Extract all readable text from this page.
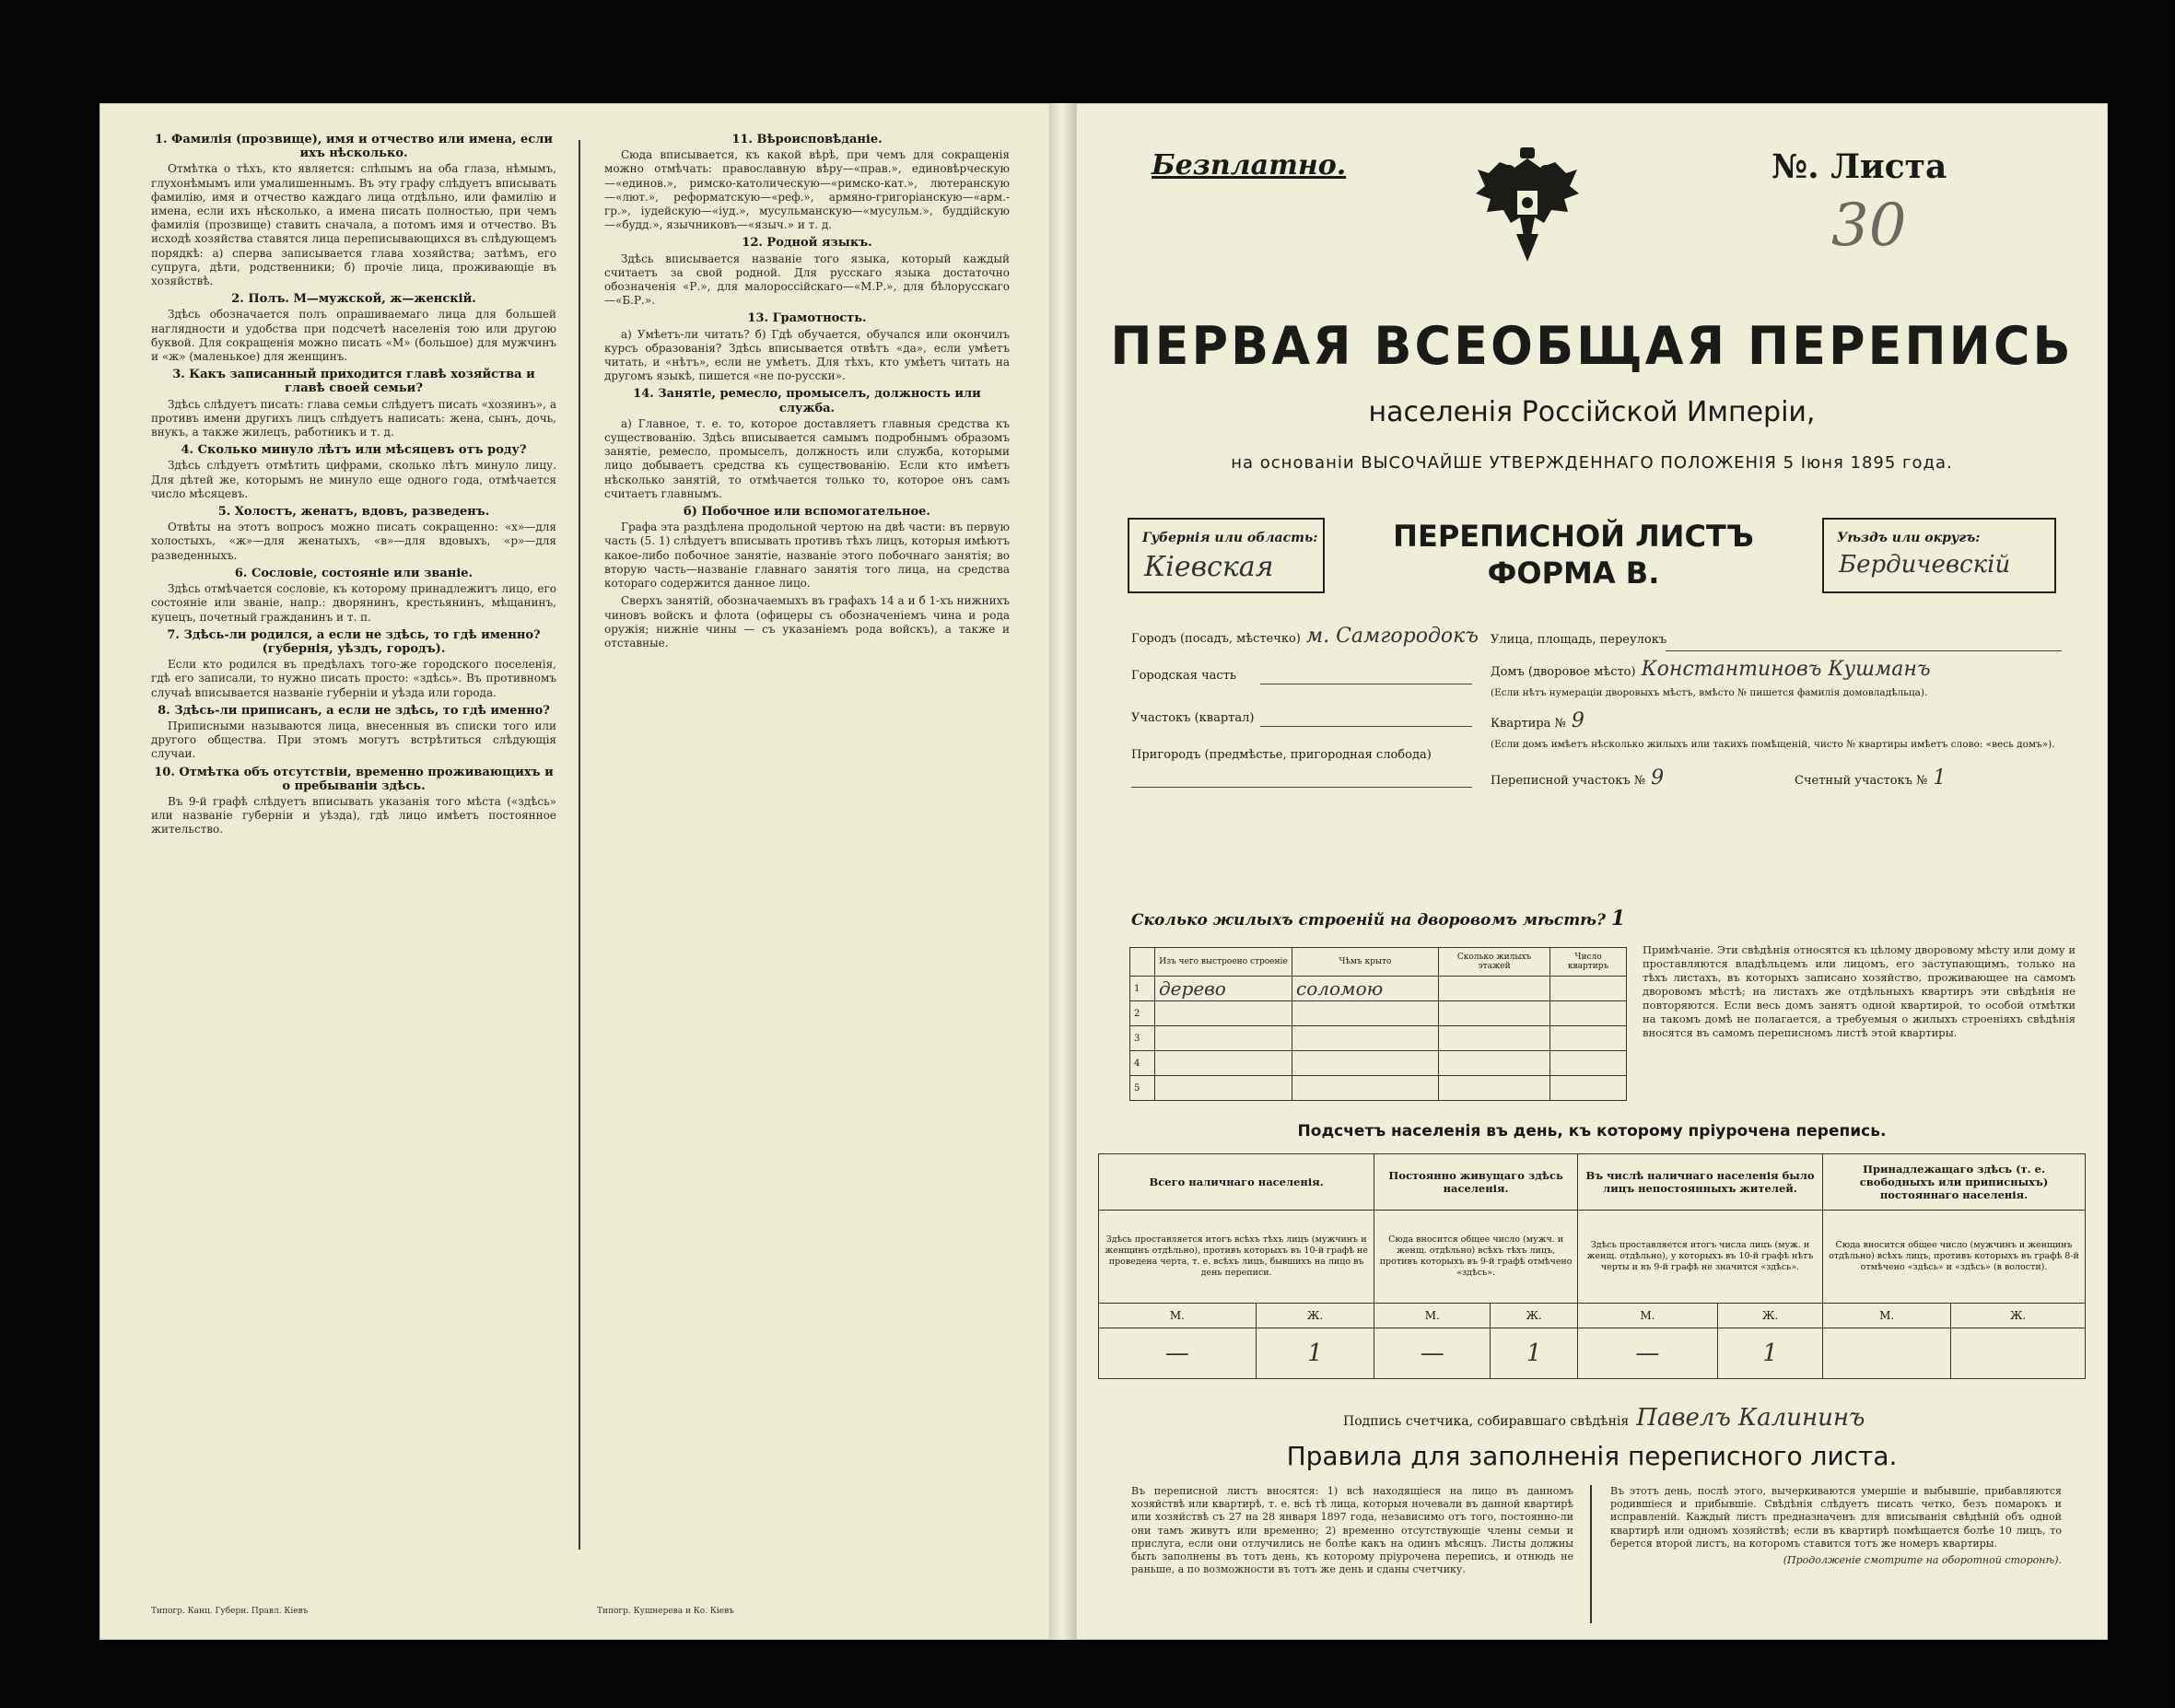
1. Фамилія (прозвище), имя и отчество или имена, если ихъ нѣсколько.

Отмѣтка о тѣхъ, кто является: слѣпымъ на оба глаза, нѣмымъ, глухонѣмымъ или умалишеннымъ. Въ эту графу слѣдуетъ вписывать фамилію, имя и отчество каждаго лица отдѣльно, или фамилію и имена, если ихъ нѣсколько, а имена писать полностью, при чемъ фамилія (прозвище) ставить сначала, а потомъ имя и отчество. Въ исходѣ хозяйства ставятся лица переписывающихся въ слѣдующемъ порядкѣ: а) сперва записывается глава хозяйства; затѣмъ, его супруга, дѣти, родственники; б) прочіе лица, проживающіе въ хозяйствѣ.

2. Полъ. М—мужской, ж—женскій.

Здѣсь обозначается полъ опрашиваемаго лица для большей наглядности и удобства при подсчетѣ населенія тою или другою буквой. Для сокращенія можно писать «М» (большое) для мужчинъ и «ж» (маленькое) для женщинъ.

3. Какъ записанный приходится главѣ хозяйства и главѣ своей семьи?

Здѣсь слѣдуетъ писать: глава семьи слѣдуетъ писать «хозяинъ», а противъ имени другихъ лицъ слѣдуетъ написать: жена, сынъ, дочь, внукъ, а также жилецъ, работникъ и т. д.

4. Сколько минуло лѣтъ или мѣсяцевъ отъ роду?

Здѣсь слѣдуетъ отмѣтить цифрами, сколько лѣтъ минуло лицу. Для дѣтей же, которымъ не минуло еще одного года, отмѣчается число мѣсяцевъ.

5. Холостъ, женатъ, вдовъ, разведенъ.

Отвѣты на этотъ вопросъ можно писать сокращенно: «х»—для холостыхъ, «ж»—для женатыхъ, «в»—для вдовыхъ, «р»—для разведенныхъ.

6. Сословіе, состояніе или званіе.

Здѣсь отмѣчается сословіе, къ которому принадлежитъ лицо, его состояніе или званіе, напр.: дворянинъ, крестьянинъ, мѣщанинъ, купецъ, почетный гражданинъ и т. п.

7. Здѣсь-ли родился, а если не здѣсь, то гдѣ именно? (губернія, уѣздъ, городъ).

Если кто родился въ предѣлахъ того-же городского поселенія, гдѣ его записали, то нужно писать просто: «здѣсь». Въ противномъ случаѣ вписывается названіе губерніи и уѣзда или города.

8. Здѣсь-ли приписанъ, а если не здѣсь, то гдѣ именно?

Приписными называются лица, внесенныя въ списки того или другого общества. При этомъ могутъ встрѣтиться слѣдующія случаи.

10. Отмѣтка объ отсутствіи, временно проживающихъ и о пребываніи здѣсь.

Въ 9-й графѣ слѣдуетъ вписывать указанія того мѣста («здѣсь» или названіе губерніи и уѣзда), гдѣ лицо имѣетъ постоянное жительство.

11. Вѣроисповѣданіе.

Сюда вписывается, къ какой вѣрѣ, при чемъ для сокращенія можно отмѣчать: православную вѣру—«прав.», единовѣрческую—«единов.», римско-католическую—«римско-кат.», лютеранскую—«лют.», реформатскую—«реф.», армяно-григоріанскую—«арм.-гр.», іудейскую—«іуд.», мусульманскую—«мусульм.», буддійскую—«будд.», язычниковъ—«языч.» и т. д.

12. Родной языкъ.

Здѣсь вписывается названіе того языка, который каждый считаетъ за свой родной. Для русскаго языка достаточно обозначенія «Р.», для малороссійскаго—«М.Р.», для бѣлорусскаго—«Б.Р.».

13. Грамотность.

а) Умѣетъ-ли читать? б) Гдѣ обучается, обучался или окончилъ курсъ образованія? Здѣсь вписывается отвѣтъ «да», если умѣетъ читать, и «нѣтъ», если не умѣетъ. Для тѣхъ, кто умѣетъ читать на другомъ языкѣ, пишется «не по-русски».

14. Занятіе, ремесло, промыселъ, должность или служба.

а) Главное, т. е. то, которое доставляетъ главныя средства къ существованію. Здѣсь вписывается самымъ подробнымъ образомъ занятіе, ремесло, промыселъ, должность или служба, которыми лицо добываетъ средства къ существованію. Если кто имѣетъ нѣсколько занятій, то отмѣчается только то, которое онъ самъ считаетъ главнымъ.

б) Побочное или вспомогательное.

Графа эта раздѣлена продольной чертою на двѣ части: въ первую часть (5. 1) слѣдуетъ вписывать противъ тѣхъ лицъ, которыя имѣютъ какое-либо побочное занятіе, названіе этого побочнаго занятія; во вторую часть—названіе главнаго занятія того лица, на средства котораго содержится данное лицо.

Сверхъ занятій, обозначаемыхъ въ графахъ 14 а и б 1-хъ нижнихъ чиновъ войскъ и флота (офицеры съ обозначеніемъ чина и рода оружія; нижніе чины — съ указаніемъ рода войскъ), а также и отставные.

Типогр. Канц. Губерн. Правл. Кіевъ	Типогр. Кушнерева и Ко. Кіевъ
Безплатно.	№. Листа
30
ПЕРВАЯ ВСЕОБЩАЯ ПЕРЕПИСЬ
населенія Россійской Имперіи,
на основаніи ВЫСОЧАЙШЕ УТВЕРЖДЕННАГО ПОЛОЖЕНІЯ 5 Іюня 1895 года.
Губернія или область:
Кіевская
ПЕРЕПИСНОЙ ЛИСТЪ
ФОРМА В.
Уѣздъ или округъ:
Бердичевскій
Городъ (посадъ, мѣстечко) м. Самгородокъ Улица, площадь, переулокъ
Городская часть	Домъ (дворовое мѣсто) Константиновъ Кушманъ
(Если нѣтъ нумераціи дворовыхъ мѣстъ, вмѣсто № пишется фамилія домовладѣльца).
Участокъ (квартал)	Квартира № 9
(Если домъ имѣетъ нѣсколько жилыхъ или такихъ помѣщеній, чисто № квартиры имѣетъ слово: «весь домъ»).
Пригородъ (предмѣстье, пригородная слобода)
Переписной участокъ № 9	Счетный участокъ № 1
Сколько жилыхъ строеній на дворовомъ мѣстѣ? 1
	Изъ чего выстроено строеніе	Чѣмъ крыто	Сколько жилыхъ этажей	Число квартиръ
1	дерево	соломою		
2				
3				
4				
5				
Примѣчаніе. Эти свѣдѣнія относятся къ цѣлому дворовому мѣсту или дому и проставляются владѣльцемъ или лицомъ, его заступающимъ, только на тѣхъ листахъ, въ которыхъ записано хозяйство, проживающее на самомъ дворовомъ мѣстѣ; на листахъ же отдѣльныхъ квартиръ эти свѣдѣнія не повторяются. Если весь домъ занятъ одной квартирой, то особой отмѣтки на такомъ домѣ не полагается, а требуемыя о жилыхъ строеніяхъ свѣдѣнія вносятся въ самомъ переписномъ листѣ этой квартиры.
Подсчетъ населенія въ день, къ которому пріурочена перепись.
Всего наличнаго населенія.		Постоянно живущаго здѣсь населенія.		Въ числѣ наличнаго населенія было лицъ непостоянныхъ жителей.		Принадлежащаго здѣсь (т. е. свободныхъ или приписныхъ) постояннаго населенія.	
Здѣсь проставляется итогъ всѣхъ тѣхъ лицъ (мужчинъ и женщинъ отдѣльно), противъ которыхъ въ 10-й графѣ не проведена черта, т. е. всѣхъ лицъ, бывшихъ на лицо въ день переписи.		Сюда вносится общее число (мужч. и женщ. отдѣльно) всѣхъ тѣхъ лицъ, противъ которыхъ въ 9-й графѣ отмѣчено «здѣсь».		Здѣсь проставляется итогъ числа лицъ (муж. и женщ. отдѣльно), у которыхъ въ 10-й графѣ нѣтъ черты и въ 9-й графѣ не значится «здѣсь».		Сюда вносится общее число (мужчинъ и женщинъ отдѣльно) всѣхъ лицъ, противъ которыхъ въ графѣ 8-й отмѣчено «здѣсь» и «здѣсь» (в волости).	
М.	Ж.	М.	Ж.	М.	Ж.	М.	Ж.
—	1	—	1	—	1		
Подпись счетчика, собиравшаго свѣдѣнія Павелъ Калининъ
Правила для заполненія переписного листа.
Въ переписной листъ вносятся: 1) всѣ находящіеся на лицо въ данномъ хозяйствѣ или квартирѣ, т. е. всѣ тѣ лица, которыя ночевали въ данной квартирѣ или хозяйствѣ съ 27 на 28 января 1897 года, независимо отъ того, постоянно-ли они тамъ живутъ или временно; 2) временно отсутствующіе члены семьи и прислуга, если они отлучились не болѣе какъ на одинъ мѣсяцъ. Листы должны быть заполнены въ тотъ день, къ которому пріурочена перепись, и отнюдь не раньше, а по возможности въ тотъ же день и сданы счетчику.
Въ этотъ день, послѣ этого, вычеркиваются умершіе и выбывшіе, прибавляются родившіеся и прибывшіе. Свѣдѣнія слѣдуетъ писать четко, безъ помарокъ и исправленій. Каждый листъ предназначенъ для вписыванія свѣдѣній объ одной квартирѣ или одномъ хозяйствѣ; если въ квартирѣ помѣщается болѣе 10 лицъ, то берется второй листъ, на которомъ ставится тотъ же номеръ квартиры.
(Продолженіе смотрите на оборотной сторонѣ).
